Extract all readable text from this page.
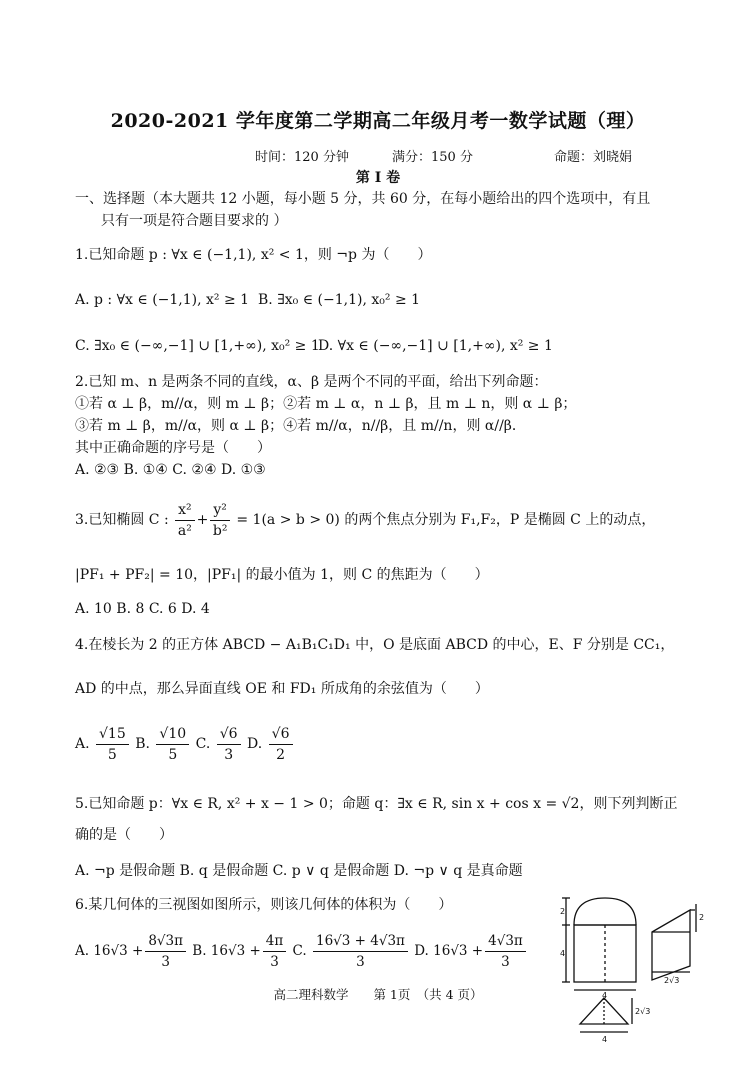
2020-2021 学年度第二学期高二年级月考一数学试题（理）
时间：120 分钟	满分：150 分	命题：刘晓娟
第 I 卷
一、选择题（本大题共 12 小题，每小题 5 分，共 60 分，在每小题给出的四个选项中，有且
只有一项是符合题目要求的 ）
1.已知命题 p : ∀x ∈ (−1,1), x² < 1，则 ¬p 为（　　）
A. p : ∀x ∈ (−1,1), x² ≥ 1 B. ∃x₀ ∈ (−1,1), x₀² ≥ 1
C. ∃x₀ ∈ (−∞,−1] ∪ [1,+∞), x₀² ≥ 1
D. ∀x ∈ (−∞,−1] ∪ [1,+∞), x² ≥ 1
2.已知 m、n 是两条不同的直线，α、β 是两个不同的平面，给出下列命题：
①若 α ⊥ β，m//α，则 m ⊥ β；②若 m ⊥ α，n ⊥ β，且 m ⊥ n，则 α ⊥ β；
③若 m ⊥ β，m//α，则 α ⊥ β；④若 m//α，n//β，且 m//n，则 α//β．
其中正确命题的序号是（　　）
A. ②③ B. ①④ C. ②④ D. ①③
3.已知椭圆 C : $\frac{\text{x²}}{\text{a²}} + \frac{\text{y²}}{\text{b²}} = 1(a > b > 0)$ 的两个焦点分别为 F₁,F₂，P 是椭圆 C 上的动点，
|PF₁ + PF₂| = 10，|PF₁| 的最小值为 1，则 C 的焦距为（　　）
A. 10 B. 8 C. 6 D. 4
4.在棱长为 2 的正方体 ABCD − A₁B₁C₁D₁ 中，O 是底面 ABCD 的中心，E、F 分别是 CC₁，
AD 的中点，那么异面直线 OE 和 FD₁ 所成角的余弦值为（　　）
A. $\frac{√15}{5} B$. $\frac{√10}{5} C$. $\frac{√6}{3} D$. $\frac{√6}{2}$
5.已知命题 p：∀x ∈ R, x² + x − 1 > 0；命题 q：∃x ∈ R, sin x + cos x = √2，则下列判断正
确的是（　　）
A. ¬p 是假命题 B. q 是假命题 C. p ∨ q 是假命题 D. ¬p ∨ q 是真命题
6.某几何体的三视图如图所示，则该几何体的体积为（　　）
A. $16√3 + \frac{8√3\pi}{3} B$. $16√3 + \frac{4\pi}{3} C$. $\frac{16√3 + 4√3\pi}{3} D$. $16√3 + \frac{4√3\pi}{3}$
2
4
4
2
2√3
2√3
4
高二理科数学　　第 1页　（共 4 页）
